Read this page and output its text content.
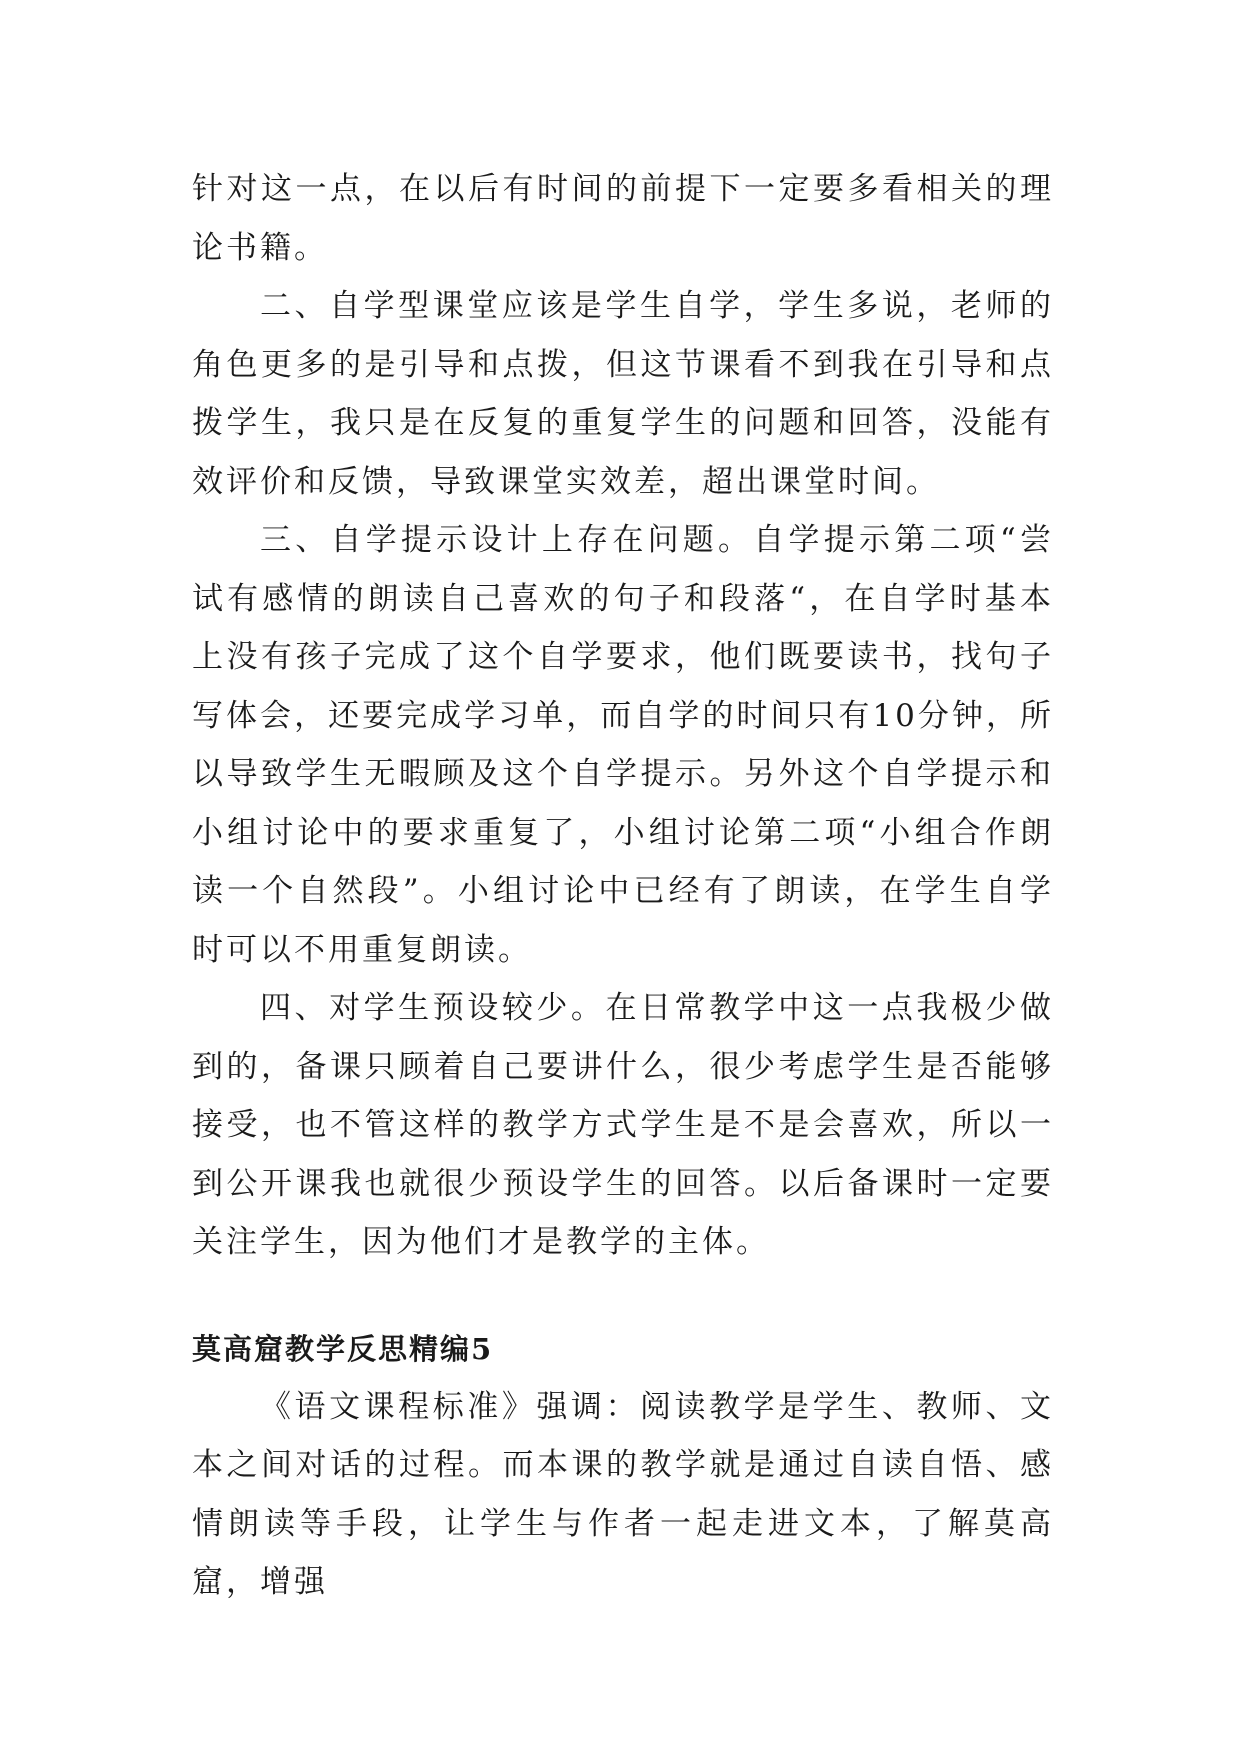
针对这一点，在以后有时间的前提下一定要多看相关的理论书籍。

二、自学型课堂应该是学生自学，学生多说，老师的角色更多的是引导和点拨，但这节课看不到我在引导和点拨学生，我只是在反复的重复学生的问题和回答，没能有效评价和反馈，导致课堂实效差，超出课堂时间。

三、自学提示设计上存在问题。自学提示第二项“尝试有感情的朗读自己喜欢的句子和段落“，在自学时基本上没有孩子完成了这个自学要求，他们既要读书，找句子写体会，还要完成学习单，而自学的时间只有10分钟，所以导致学生无暇顾及这个自学提示。另外这个自学提示和小组讨论中的要求重复了，小组讨论第二项“小组合作朗读一个自然段”。小组讨论中已经有了朗读，在学生自学时可以不用重复朗读。

四、对学生预设较少。在日常教学中这一点我极少做到的，备课只顾着自己要讲什么，很少考虑学生是否能够接受，也不管这样的教学方式学生是不是会喜欢，所以一到公开课我也就很少预设学生的回答。以后备课时一定要关注学生，因为他们才是教学的主体。

莫高窟教学反思精编5

《语文课程标准》强调：阅读教学是学生、教师、文本之间对话的过程。而本课的教学就是通过自读自悟、感情朗读等手段，让学生与作者一起走进文本，了解莫高窟，增强
